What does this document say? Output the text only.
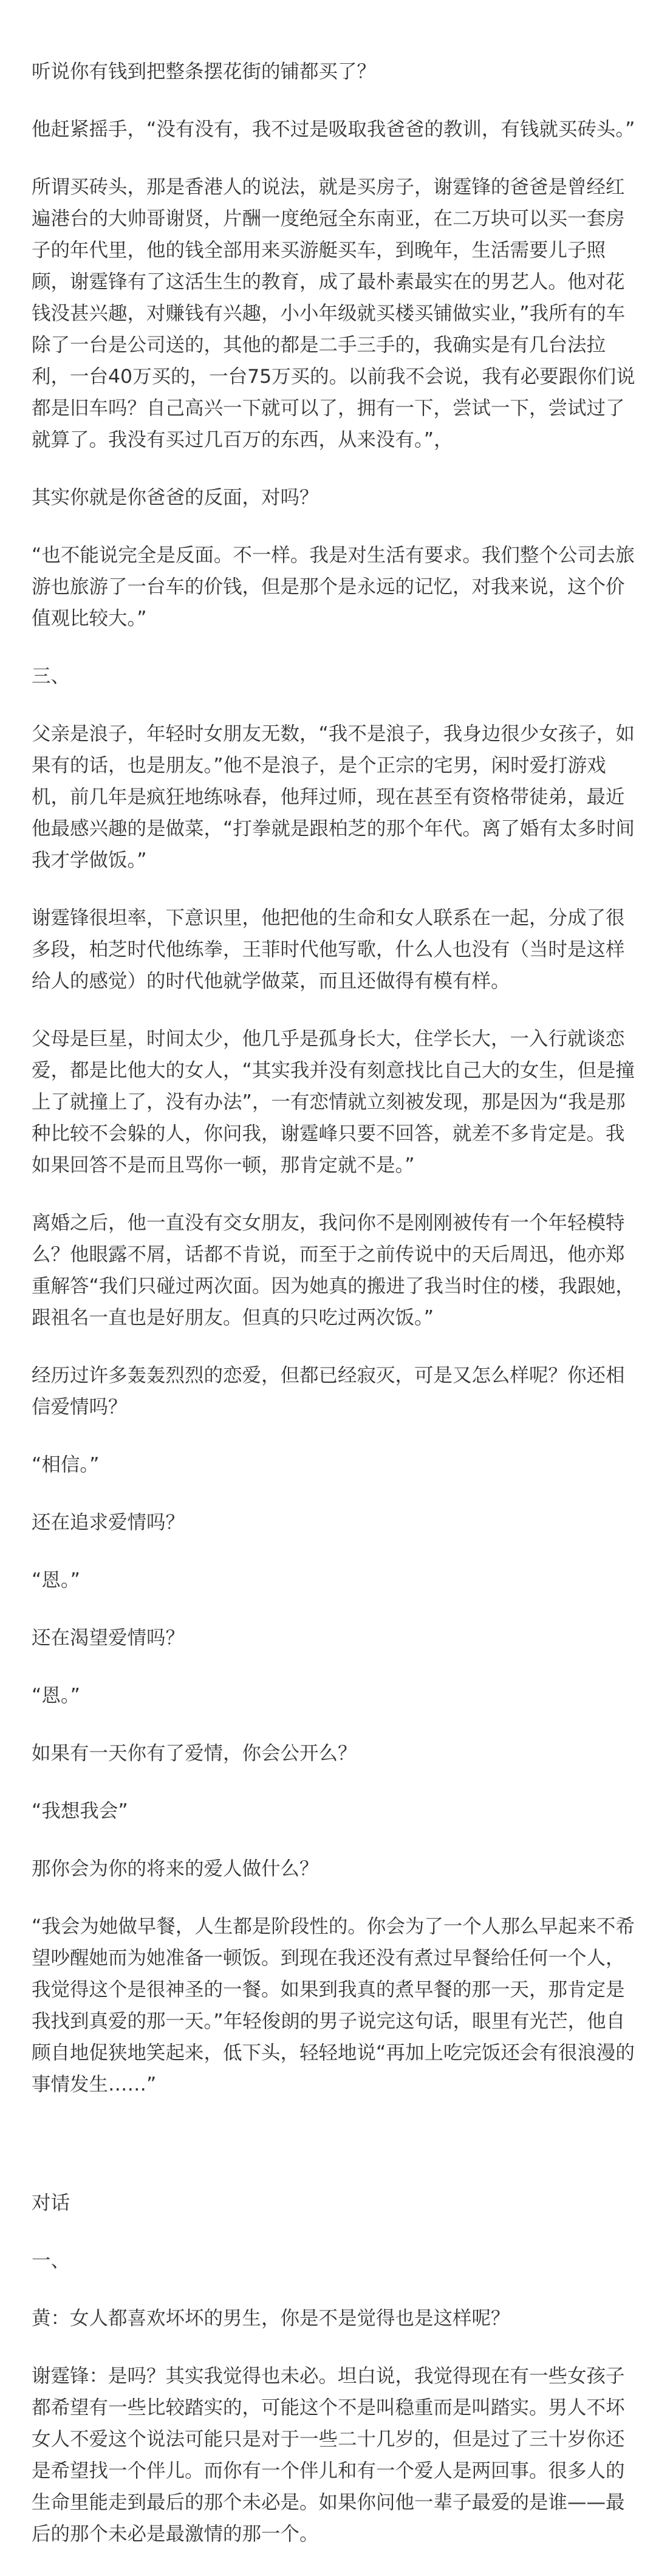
听说你有钱到把整条摆花街的铺都买了？

他赶紧摇手，“没有没有，我不过是吸取我爸爸的教训，有钱就买砖头。”

所谓买砖头，那是香港人的说法，就是买房子，谢霆锋的爸爸是曾经红遍港台的大帅哥谢贤，片酬一度绝冠全东南亚，在二万块可以买一套房子的年代里，他的钱全部用来买游艇买车，到晚年，生活需要儿子照顾，谢霆锋有了这活生生的教育，成了最朴素最实在的男艺人。他对花钱没甚兴趣，对赚钱有兴趣，小小年级就买楼买铺做实业，”我所有的车除了一台是公司送的，其他的都是二手三手的，我确实是有几台法拉利，一台40万买的，一台75万买的。以前我不会说，我有必要跟你们说都是旧车吗？自己高兴一下就可以了，拥有一下，尝试一下，尝试过了就算了。我没有买过几百万的东西，从来没有。”，

其实你就是你爸爸的反面，对吗？

“也不能说完全是反面。不一样。我是对生活有要求。我们整个公司去旅游也旅游了一台车的价钱，但是那个是永远的记忆，对我来说，这个价值观比较大。”

三、

父亲是浪子，年轻时女朋友无数，“我不是浪子，我身边很少女孩子，如果有的话，也是朋友。”他不是浪子，是个正宗的宅男，闲时爱打游戏机，前几年是疯狂地练咏春，他拜过师，现在甚至有资格带徒弟，最近他最感兴趣的是做菜，“打拳就是跟柏芝的那个年代。离了婚有太多时间我才学做饭。”

谢霆锋很坦率，下意识里，他把他的生命和女人联系在一起，分成了很多段，柏芝时代他练拳，王菲时代他写歌，什么人也没有（当时是这样给人的感觉）的时代他就学做菜，而且还做得有模有样。

父母是巨星，时间太少，他几乎是孤身长大，住学长大，一入行就谈恋爱，都是比他大的女人，“其实我并没有刻意找比自己大的女生，但是撞上了就撞上了，没有办法”，一有恋情就立刻被发现，那是因为“我是那种比较不会躲的人，你问我，谢霆峰只要不回答，就差不多肯定是。我如果回答不是而且骂你一顿，那肯定就不是。”

离婚之后，他一直没有交女朋友，我问你不是刚刚被传有一个年轻模特么？他眼露不屑，话都不肯说，而至于之前传说中的天后周迅，他亦郑重解答“我们只碰过两次面。因为她真的搬进了我当时住的楼，我跟她，跟祖名一直也是好朋友。但真的只吃过两次饭。”

经历过许多轰轰烈烈的恋爱，但都已经寂灭，可是又怎么样呢？你还相信爱情吗？

“相信。”

还在追求爱情吗？

“恩。”

还在渴望爱情吗？

“恩。”

如果有一天你有了爱情，你会公开么？

“我想我会”

那你会为你的将来的爱人做什么？

“我会为她做早餐，人生都是阶段性的。你会为了一个人那么早起来不希望吵醒她而为她准备一顿饭。到现在我还没有煮过早餐给任何一个人，我觉得这个是很神圣的一餐。如果到我真的煮早餐的那一天，那肯定是我找到真爱的那一天。”年轻俊朗的男子说完这句话，眼里有光芒，他自顾自地促狭地笑起来，低下头，轻轻地说“再加上吃完饭还会有很浪漫的事情发生……”

对话

一、

黄：女人都喜欢坏坏的男生，你是不是觉得也是这样呢？

谢霆锋：是吗？其实我觉得也未必。坦白说，我觉得现在有一些女孩子都希望有一些比较踏实的，可能这个不是叫稳重而是叫踏实。男人不坏女人不爱这个说法可能只是对于一些二十几岁的，但是过了三十岁你还是希望找一个伴儿。而你有一个伴儿和有一个爱人是两回事。很多人的生命里能走到最后的那个未必是。如果你问他一辈子最爱的是谁——最后的那个未必是最激情的那一个。
